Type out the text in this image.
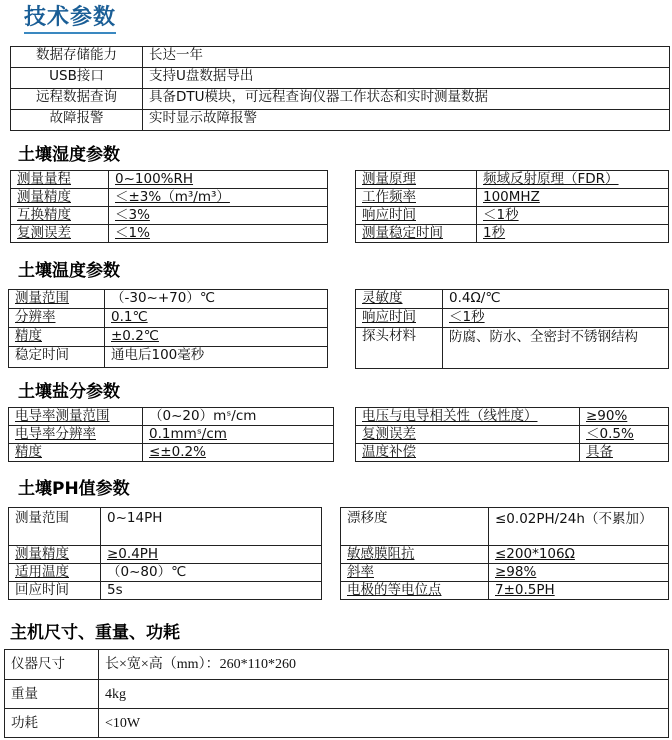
技术参数
数据存储能力	长达一年
USB接口	支持U盘数据导出
远程数据查询	具备DTU模块，可远程查询仪器工作状态和实时测量数据
故障报警	实时显示故障报警
土壤湿度参数
测量量程	0~100%RH
测量精度	＜±3%（m³/m³）
互换精度	＜3%
复测误差	＜1%
测量原理	频域反射原理（FDR）
工作频率	100MHZ
响应时间	＜1秒
测量稳定时间	1秒
土壤温度参数
测量范围	（-30~+70）℃
分辨率	0.1℃
精度	±0.2℃
稳定时间	通电后100毫秒
灵敏度	0.4Ω/℃
响应时间	＜1秒
探头材料	防腐、防水、全密封不锈钢结构
土壤盐分参数
电导率测量范围	（0~20）mˢ/cm
电导率分辨率	0.1mmˢ/cm
精度	≤±0.2%
电压与电导相关性（线性度）	≥90%
复测误差	＜0.5%
温度补偿	具备
土壤PH值参数
测量范围	0~14PH
测量精度	≥0.4PH
适用温度	（0~80）℃
回应时间	5s
漂移度	≤0.02PH/24h（不累加）
敏感膜阻抗	≤200*106Ω
斜率	≥98%
电极的等电位点	7±0.5PH
主机尺寸、重量、功耗
仪器尺寸	长×宽×高（mm）：260*110*260
重量	4kg
功耗	<10W
